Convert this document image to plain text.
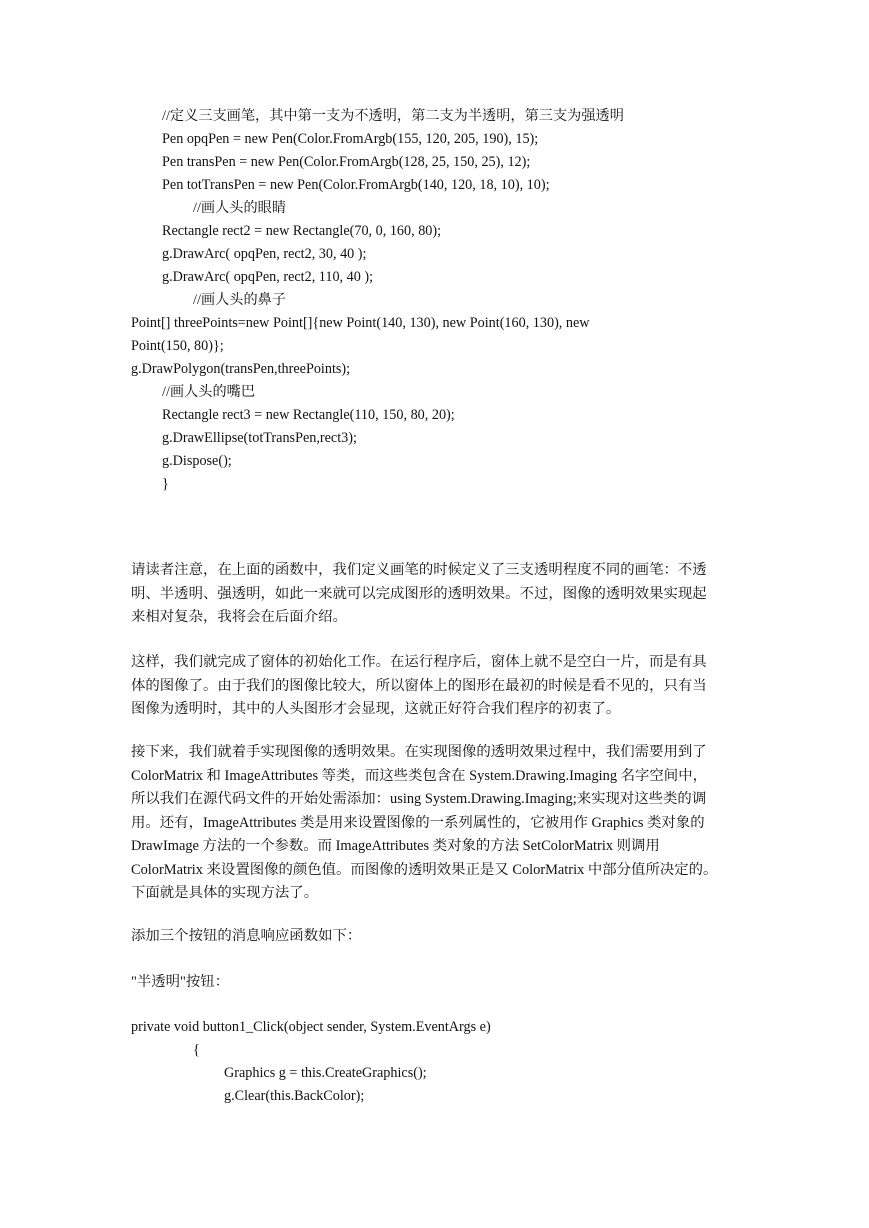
//定义三支画笔，其中第一支为不透明，第二支为半透明，第三支为强透明
Pen opqPen = new Pen(Color.FromArgb(155, 120, 205, 190), 15);
Pen transPen = new Pen(Color.FromArgb(128, 25, 150, 25), 12);
Pen totTransPen = new Pen(Color.FromArgb(140, 120, 18, 10), 10);
//画人头的眼睛
Rectangle rect2 = new Rectangle(70, 0, 160, 80);
g.DrawArc( opqPen, rect2, 30, 40 );
g.DrawArc( opqPen, rect2, 110, 40 );
//画人头的鼻子
Point[] threePoints=new Point[]{new Point(140, 130), new Point(160, 130), new
Point(150, 80)};
g.DrawPolygon(transPen,threePoints);
//画人头的嘴巴
Rectangle rect3 = new Rectangle(110, 150, 80, 20);
g.DrawEllipse(totTransPen,rect3);
g.Dispose();
}
请读者注意，在上面的函数中，我们定义画笔的时候定义了三支透明程度不同的画笔：不透
明、半透明、强透明，如此一来就可以完成图形的透明效果。不过，图像的透明效果实现起
来相对复杂，我将会在后面介绍。
这样，我们就完成了窗体的初始化工作。在运行程序后，窗体上就不是空白一片，而是有具
体的图像了。由于我们的图像比较大，所以窗体上的图形在最初的时候是看不见的，只有当
图像为透明时，其中的人头图形才会显现，这就正好符合我们程序的初衷了。
接下来，我们就着手实现图像的透明效果。在实现图像的透明效果过程中，我们需要用到了
ColorMatrix 和 ImageAttributes 等类，而这些类包含在 System.Drawing.Imaging 名字空间中，
所以我们在源代码文件的开始处需添加：using System.Drawing.Imaging;来实现对这些类的调
用。还有，ImageAttributes 类是用来设置图像的一系列属性的，它被用作 Graphics 类对象的
DrawImage 方法的一个参数。而 ImageAttributes 类对象的方法 SetColorMatrix 则调用
ColorMatrix 来设置图像的颜色值。而图像的透明效果正是又 ColorMatrix 中部分值所决定的。
下面就是具体的实现方法了。
添加三个按钮的消息响应函数如下：
"半透明"按钮：
private void button1_Click(object sender, System.EventArgs e)
{
Graphics g = this.CreateGraphics();
g.Clear(this.BackColor);
